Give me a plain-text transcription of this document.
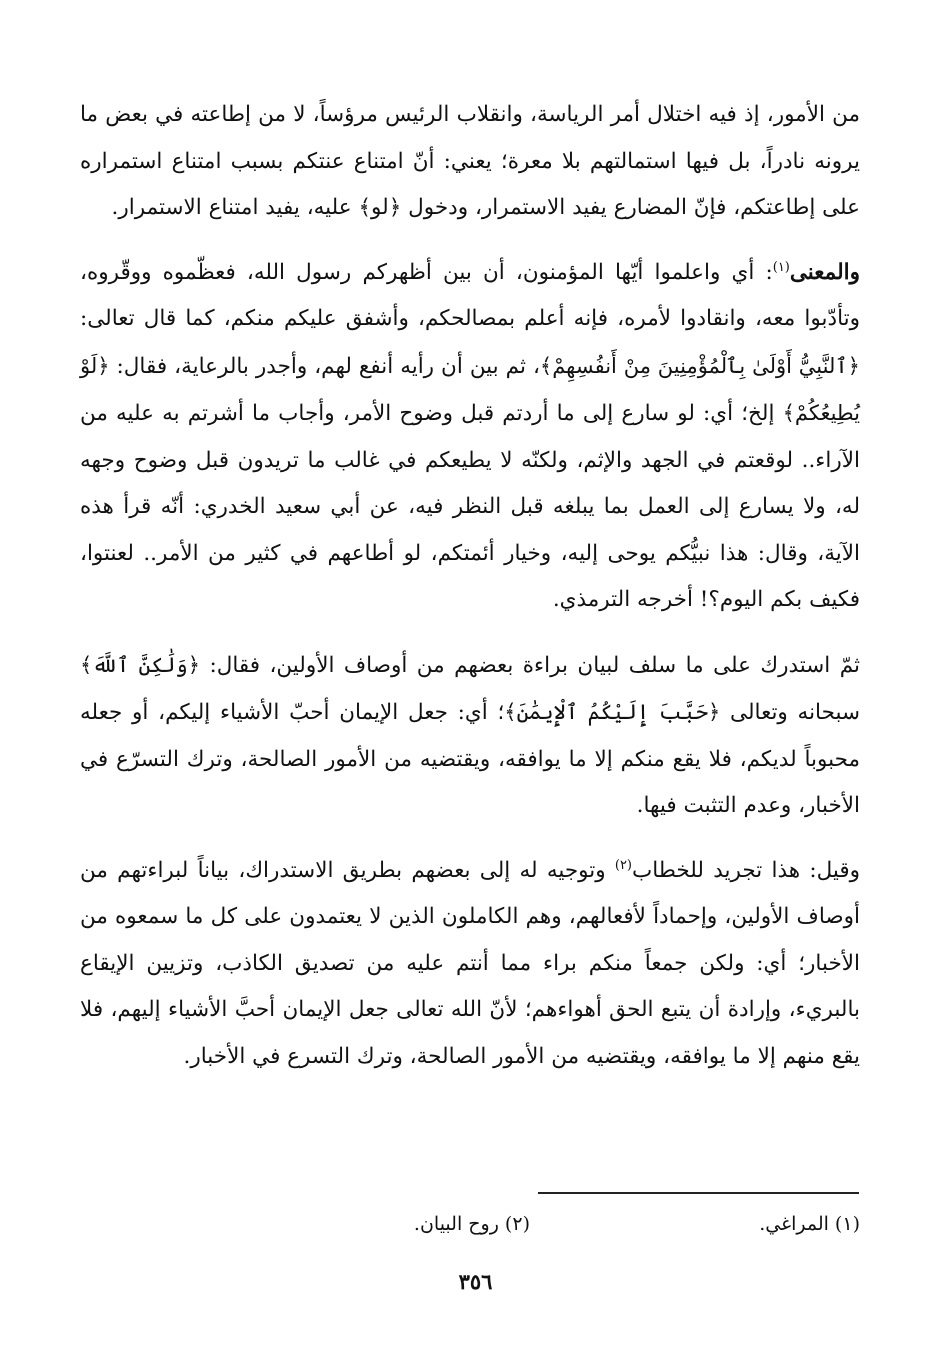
من الأمور، إذ فيه اختلال أمر الرياسة، وانقلاب الرئيس مرؤساً، لا من إطاعته في بعض ما يرونه نادراً، بل فيها استمالتهم بلا معرة؛ يعني: أنّ امتناع عنتكم بسبب امتناع استمراره على إطاعتكم، فإنّ المضارع يفيد الاستمرار، ودخول ﴿لو﴾ عليه، يفيد امتناع الاستمرار.

والمعنى$^{(١)}$: أي واعلموا أيّها المؤمنون، أن بين أظهركم رسول الله، فعظّموه ووقّروه، وتأدّبوا معه، وانقادوا لأمره، فإنه أعلم بمصالحكم، وأشفق عليكم منكم، كما قال تعالى: ﴿ٱلنَّبِيُّ أَوْلَىٰ بِٱلْمُؤْمِنِينَ مِنْ أَنفُسِهِمْ﴾، ثم بين أن رأيه أنفع لهم، وأجدر بالرعاية، فقال: ﴿لَوْ يُطِيعُكُمْ﴾ إلخ؛ أي: لو سارع إلى ما أردتم قبل وضوح الأمر، وأجاب ما أشرتم به عليه من الآراء.. لوقعتم في الجهد والإثم، ولكنّه لا يطيعكم في غالب ما تريدون قبل وضوح وجهه له، ولا يسارع إلى العمل بما يبلغه قبل النظر فيه، عن أبي سعيد الخدري: أنّه قرأ هذه الآية، وقال: هذا نبيُّكم يوحى إليه، وخيار أئمتكم، لو أطاعهم في كثير من الأمر.. لعنتوا، فكيف بكم اليوم؟! أخرجه الترمذي.

ثمّ استدرك على ما سلف لبيان براءة بعضهم من أوصاف الأولين، فقال: ﴿وَلَٰكِنَّ ٱللَّهَ﴾ سبحانه وتعالى ﴿حَبَّبَ إِلَيْكُمُ ٱلْإِيمَٰنَ﴾؛ أي: جعل الإيمان أحبّ الأشياء إليكم، أو جعله محبوباً لديكم، فلا يقع منكم إلا ما يوافقه، ويقتضيه من الأمور الصالحة، وترك التسرّع في الأخبار، وعدم التثبت فيها.

وقيل: هذا تجريد للخطاب$^{(٢)}$ وتوجيه له إلى بعضهم بطريق الاستدراك، بياناً لبراءتهم من أوصاف الأولين، وإحماداً لأفعالهم، وهم الكاملون الذين لا يعتمدون على كل ما سمعوه من الأخبار؛ أي: ولكن جمعاً منكم براء مما أنتم عليه من تصديق الكاذب، وتزيين الإيقاع بالبريء، وإرادة أن يتبع الحق أهواءهم؛ لأنّ الله تعالى جعل الإيمان أحبَّ الأشياء إليهم، فلا يقع منهم إلا ما يوافقه، ويقتضيه من الأمور الصالحة، وترك التسرع في الأخبار.

(١) المراغي.
(٢) روح البيان.
٣٥٦
